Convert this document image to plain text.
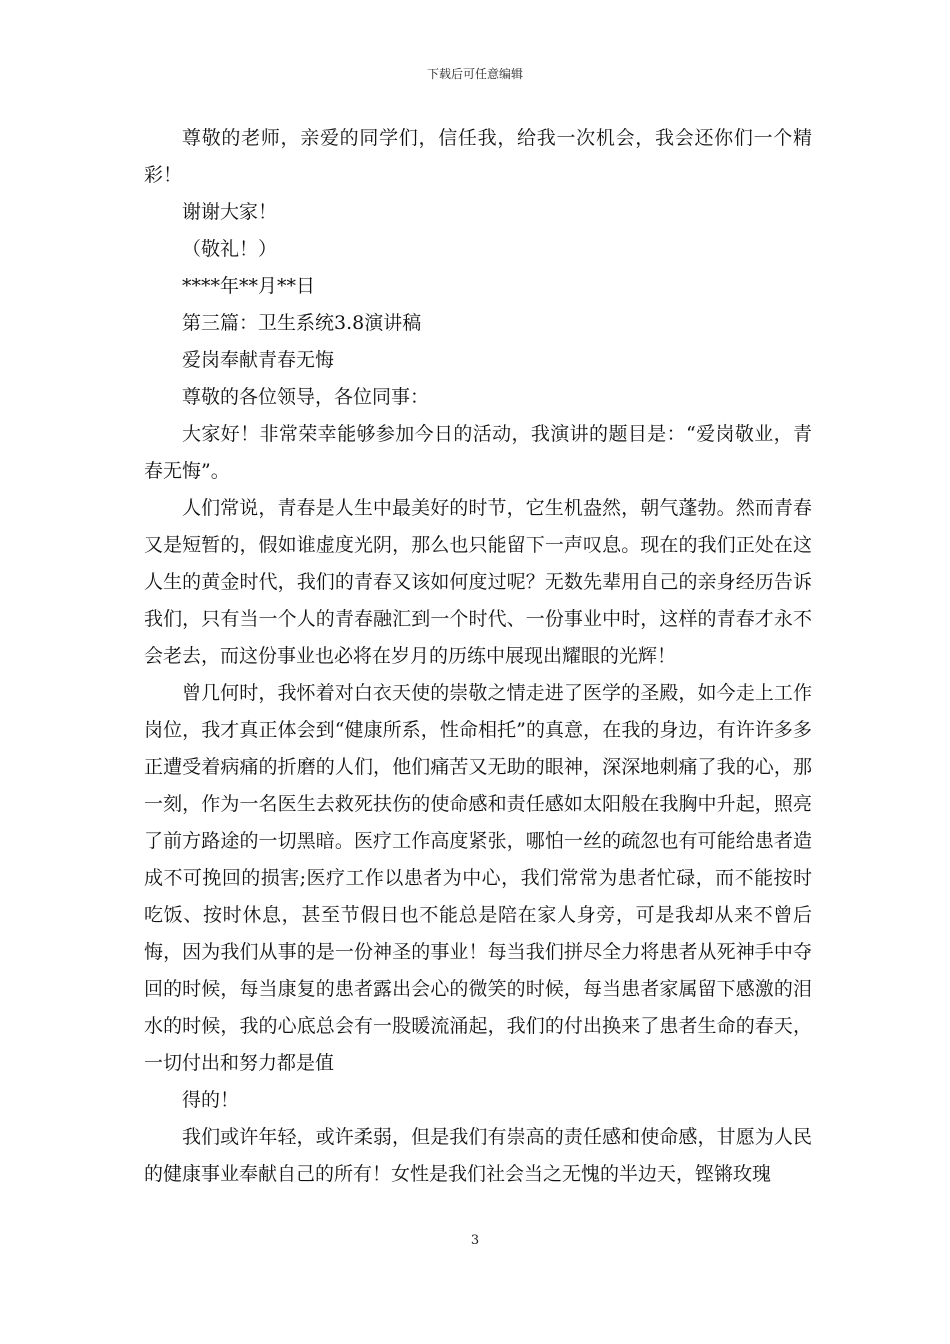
下载后可任意编辑

尊敬的老师，亲爱的同学们，信任我，给我一次机会，我会还你们一个精彩！

谢谢大家！

（敬礼！）

****年**月**日

第三篇：卫生系统3.8演讲稿

爱岗奉献青春无悔

尊敬的各位领导，各位同事：

大家好！非常荣幸能够参加今日的活动，我演讲的题目是：“爱岗敬业，青春无悔”。

人们常说，青春是人生中最美好的时节，它生机盎然，朝气蓬勃。然而青春又是短暂的，假如谁虚度光阴，那么也只能留下一声叹息。现在的我们正处在这人生的黄金时代，我们的青春又该如何度过呢？无数先辈用自己的亲身经历告诉我们，只有当一个人的青春融汇到一个时代、一份事业中时，这样的青春才永不会老去，而这份事业也必将在岁月的历练中展现出耀眼的光辉！

曾几何时，我怀着对白衣天使的崇敬之情走进了医学的圣殿，如今走上工作岗位，我才真正体会到“健康所系，性命相托”的真意，在我的身边，有许许多多正遭受着病痛的折磨的人们，他们痛苦又无助的眼神，深深地刺痛了我的心，那一刻，作为一名医生去救死扶伤的使命感和责任感如太阳般在我胸中升起，照亮了前方路途的一切黑暗。医疗工作高度紧张，哪怕一丝的疏忽也有可能给患者造成不可挽回的损害;医疗工作以患者为中心，我们常常为患者忙碌，而不能按时吃饭、按时休息，甚至节假日也不能总是陪在家人身旁，可是我却从来不曾后悔，因为我们从事的是一份神圣的事业！每当我们拼尽全力将患者从死神手中夺回的时候，每当康复的患者露出会心的微笑的时候，每当患者家属留下感激的泪水的时候，我的心底总会有一股暖流涌起，我们的付出换来了患者生命的春天，一切付出和努力都是值

得的！

我们或许年轻，或许柔弱，但是我们有崇高的责任感和使命感，甘愿为人民的健康事业奉献自己的所有！女性是我们社会当之无愧的半边天，铿锵玫瑰

3
